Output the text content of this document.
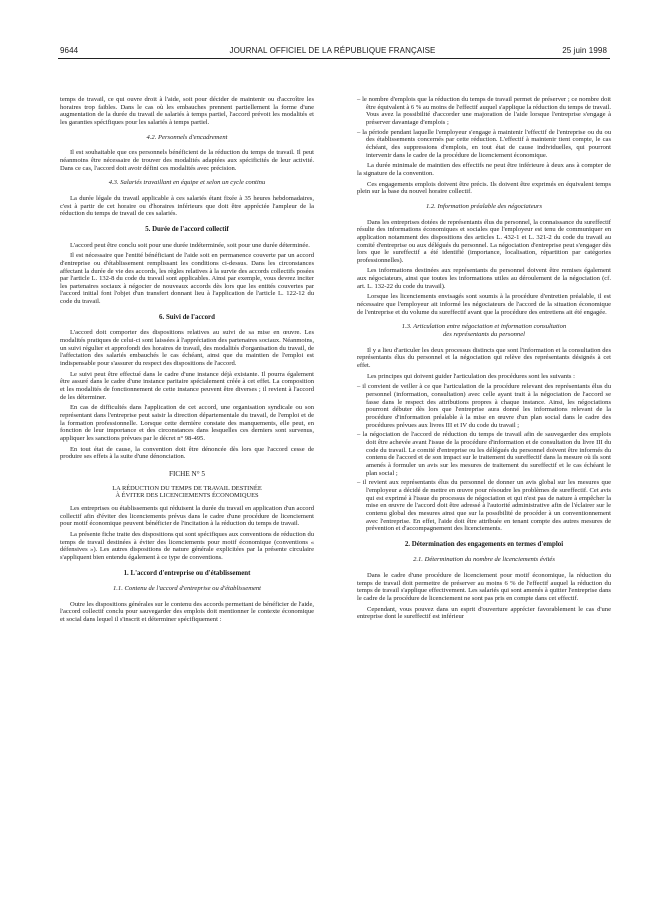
9644	JOURNAL OFFICIEL DE LA RÉPUBLIQUE FRANÇAISE	25 juin 1998

temps de travail, ce qui ouvre droit à l'aide, soit pour décider de maintenir ou d'accroître les horaires trop faibles. Dans le cas où les embauches prennent partiellement la forme d'une augmentation de la durée du travail de salariés à temps partiel, l'accord prévoit les modalités et les garanties spécifiques pour les salariés à temps partiel.

4.2. Personnels d'encadrement

Il est souhaitable que ces personnels bénéficient de la réduction du temps de travail. Il peut néanmoins être nécessaire de trouver des modalités adaptées aux spécificités de leur activité. Dans ce cas, l'accord doit avoir défini ces modalités avec précision.

4.3. Salariés travaillant en équipe et selon un cycle continu

La durée légale du travail applicable à ces salariés étant fixée à 35 heures hebdomadaires, c'est à partir de cet horaire ou d'horaires inférieurs que doit être appréciée l'ampleur de la réduction du temps de travail de ces salariés.

5. Durée de l'accord collectif

L'accord peut être conclu soit pour une durée indéterminée, soit pour une durée déterminée.

Il est nécessaire que l'entité bénéficiant de l'aide soit en permanence couverte par un accord d'entreprise ou d'établissement remplissant les conditions ci-dessus. Dans les circonstances affectant la durée de vie des accords, les règles relatives à la survie des accords collectifs posées par l'article L. 132-8 du code du travail sont applicables. Ainsi par exemple, vous devrez inciter les partenaires sociaux à négocier de nouveaux accords dès lors que les entités couvertes par l'accord initial font l'objet d'un transfert donnant lieu à l'application de l'article L. 122-12 du code du travail.

6. Suivi de l'accord

L'accord doit comporter des dispositions relatives au suivi de sa mise en œuvre. Les modalités pratiques de celui-ci sont laissées à l'appréciation des partenaires sociaux. Néanmoins, un suivi régulier et approfondi des horaires de travail, des modalités d'organisation du travail, de l'affectation des salariés embauchés le cas échéant, ainsi que du maintien de l'emploi est indispensable pour s'assurer du respect des dispositions de l'accord.

Le suivi peut être effectué dans le cadre d'une instance déjà existante. Il pourra également être assuré dans le cadre d'une instance paritaire spécialement créée à cet effet. La composition et les modalités de fonctionnement de cette instance peuvent être diverses ; il revient à l'accord de les déterminer.

En cas de difficultés dans l'application de cet accord, une organisation syndicale ou son représentant dans l'entreprise peut saisir la direction départementale du travail, de l'emploi et de la formation professionnelle. Lorsque cette dernière constate des manquements, elle peut, en fonction de leur importance et des circonstances dans lesquelles ces derniers sont survenus, appliquer les sanctions prévues par le décret n° 98-495.

En tout état de cause, la convention doit être dénoncée dès lors que l'accord cesse de produire ses effets à la suite d'une dénonciation.

FICHE N° 5

LA RÉDUCTION DU TEMPS DE TRAVAIL DESTINÉE

À ÉVITER DES LICENCIEMENTS ÉCONOMIQUES

Les entreprises ou établissements qui réduisent la durée du travail en application d'un accord collectif afin d'éviter des licenciements prévus dans le cadre d'une procédure de licenciement pour motif économique peuvent bénéficier de l'incitation à la réduction du temps de travail.

La présente fiche traite des dispositions qui sont spécifiques aux conventions de réduction du temps de travail destinées à éviter des licenciements pour motif économique (conventions « défensives »). Les autres dispositions de nature générale explicitées par la présente circulaire s'appliquent bien entendu également à ce type de conventions.

1. L'accord d'entreprise ou d'établissement
1.1. Contenu de l'accord d'entreprise ou d'établissement

Outre les dispositions générales sur le contenu des accords permettant de bénéficier de l'aide, l'accord collectif conclu pour sauvegarder des emplois doit mentionner le contexte économique et social dans lequel il s'inscrit et déterminer spécifiquement :

– le nombre d'emplois que la réduction du temps de travail permet de préserver ; ce nombre doit être équivalent à 6 % au moins de l'effectif auquel s'applique la réduction du temps de travail. Vous avez la possibilité d'accorder une majoration de l'aide lorsque l'entreprise s'engage à préserver davantage d'emplois ;
– la période pendant laquelle l'employeur s'engage à maintenir l'effectif de l'entreprise ou du ou des établissements concernés par cette réduction. L'effectif à maintenir tient compte, le cas échéant, des suppressions d'emplois, en tout état de cause individuelles, qui pourront intervenir dans le cadre de la procédure de licenciement économique.

La durée minimale de maintien des effectifs ne peut être inférieure à deux ans à compter de la signature de la convention.

Ces engagements emplois doivent être précis. Ils doivent être exprimés en équivalent temps plein sur la base du nouvel horaire collectif.

1.2. Information préalable des négociateurs

Dans les entreprises dotées de représentants élus du personnel, la connaissance du sureffectif résulte des informations économiques et sociales que l'employeur est tenu de communiquer en application notamment des dispositions des articles L. 432-1 et L. 321-2 du code du travail au comité d'entreprise ou aux délégués du personnel. La négociation d'entreprise peut s'engager dès lors que le sureffectif a été identifié (importance, localisation, répartition par catégories professionnelles).

Les informations destinées aux représentants du personnel doivent être remises également aux négociateurs, ainsi que toutes les informations utiles au déroulement de la négociation (cf. art. L. 132-22 du code du travail).

Lorsque les licenciements envisagés sont soumis à la procédure d'entretien préalable, il est nécessaire que l'employeur ait informé les négociateurs de l'accord de la situation économique de l'entreprise et du volume du sureffectif avant que la procédure des entretiens ait été engagée.

1.3. Articulation entre négociation et information consultation
des représentants du personnel

Il y a lieu d'articuler les deux processus distincts que sont l'information et la consultation des représentants élus du personnel et la négociation qui relève des représentants désignés à cet effet.

Les principes qui doivent guider l'articulation des procédures sont les suivants :

– il convient de veiller à ce que l'articulation de la procédure relevant des représentants élus du personnel (information, consultation) avec celle ayant trait à la négociation de l'accord se fasse dans le respect des attributions propres à chaque instance. Ainsi, les négociations pourront débuter dès lors que l'entreprise aura donné les informations relevant de la procédure d'information préalable à la mise en œuvre d'un plan social dans le cadre des procédures prévues aux livres III et IV du code du travail ;
– la négociation de l'accord de réduction du temps de travail afin de sauvegarder des emplois doit être achevée avant l'issue de la procédure d'information et de consultation du livre III du code du travail. Le comité d'entreprise ou les délégués du personnel doivent être informés du contenu de l'accord et de son impact sur le traitement du sureffectif dans la mesure où ils sont amenés à formuler un avis sur les mesures de traitement du sureffectif et le cas échéant le plan social ;
– il revient aux représentants élus du personnel de donner un avis global sur les mesures que l'employeur a décidé de mettre en œuvre pour résoudre les problèmes de sureffectif. Cet avis qui est exprimé à l'issue du processus de négociation et qui n'est pas de nature à empêcher la mise en œuvre de l'accord doit être adressé à l'autorité administrative afin de l'éclairer sur le contenu global des mesures ainsi que sur la possibilité de procéder à un conventionnement avec l'entreprise. En effet, l'aide doit être attribuée en tenant compte des autres mesures de prévention et d'accompagnement des licenciements.
2. Détermination des engagements en termes d'emploi
2.1. Détermination du nombre de licenciements évités

Dans le cadre d'une procédure de licenciement pour motif économique, la réduction du temps de travail doit permettre de préserver au moins 6 % de l'effectif auquel la réduction du temps de travail s'applique effectivement. Les salariés qui sont amenés à quitter l'entreprise dans le cadre de la procédure de licenciement ne sont pas pris en compte dans cet effectif.

Cependant, vous pouvez dans un esprit d'ouverture apprécier favorablement le cas d'une entreprise dont le sureffectif est inférieur
